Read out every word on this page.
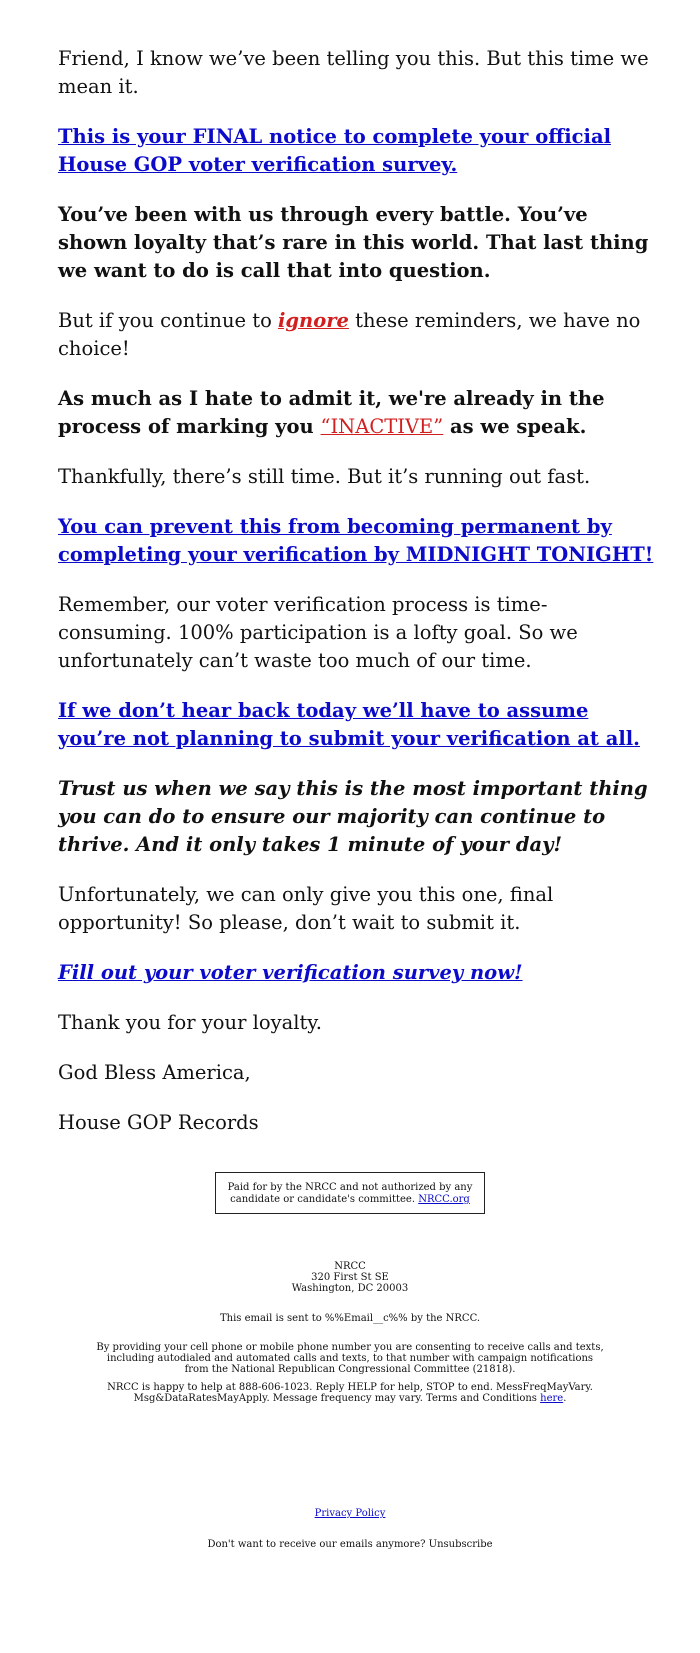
Friend, I know we’ve been telling you this. But this time we mean it.

This is your FINAL notice to complete your official House GOP voter verification survey.

You’ve been with us through every battle. You’ve shown loyalty that’s rare in this world. That last thing we want to do is call that into question.

But if you continue to ignore these reminders, we have no choice!

As much as I hate to admit it, we're already in the process of marking you “INACTIVE” as we speak.

Thankfully, there’s still time. But it’s running out fast.

You can prevent this from becoming permanent by completing your verification by MIDNIGHT TONIGHT!

Remember, our voter verification process is time-consuming. 100% participation is a lofty goal. So we unfortunately can’t waste too much of our time.

If we don’t hear back today we’ll have to assume you’re not planning to submit your verification at all.

Trust us when we say this is the most important thing you can do to ensure our majority can continue to thrive. And it only takes 1 minute of your day!

Unfortunately, we can only give you this one, final opportunity! So please, don’t wait to submit it.

Fill out your voter verification survey now!

Thank you for your loyalty.

God Bless America,

House GOP Records

Paid for by the NRCC and not authorized by any candidate or candidate's committee. NRCC.org

NRCC

320 First St SE

Washington, DC 20003

This email is sent to %%Email__c%% by the NRCC.

By providing your cell phone or mobile phone number you are consenting to receive calls and texts, including autodialed and automated calls and texts, to that number with campaign notifications from the National Republican Congressional Committee (21818).

NRCC is happy to help at 888-606-1023. Reply HELP for help, STOP to end. MessFreqMayVary. Msg&DataRatesMayApply. Message frequency may vary. Terms and Conditions here.

Privacy Policy

Don't want to receive our emails anymore? Unsubscribe
